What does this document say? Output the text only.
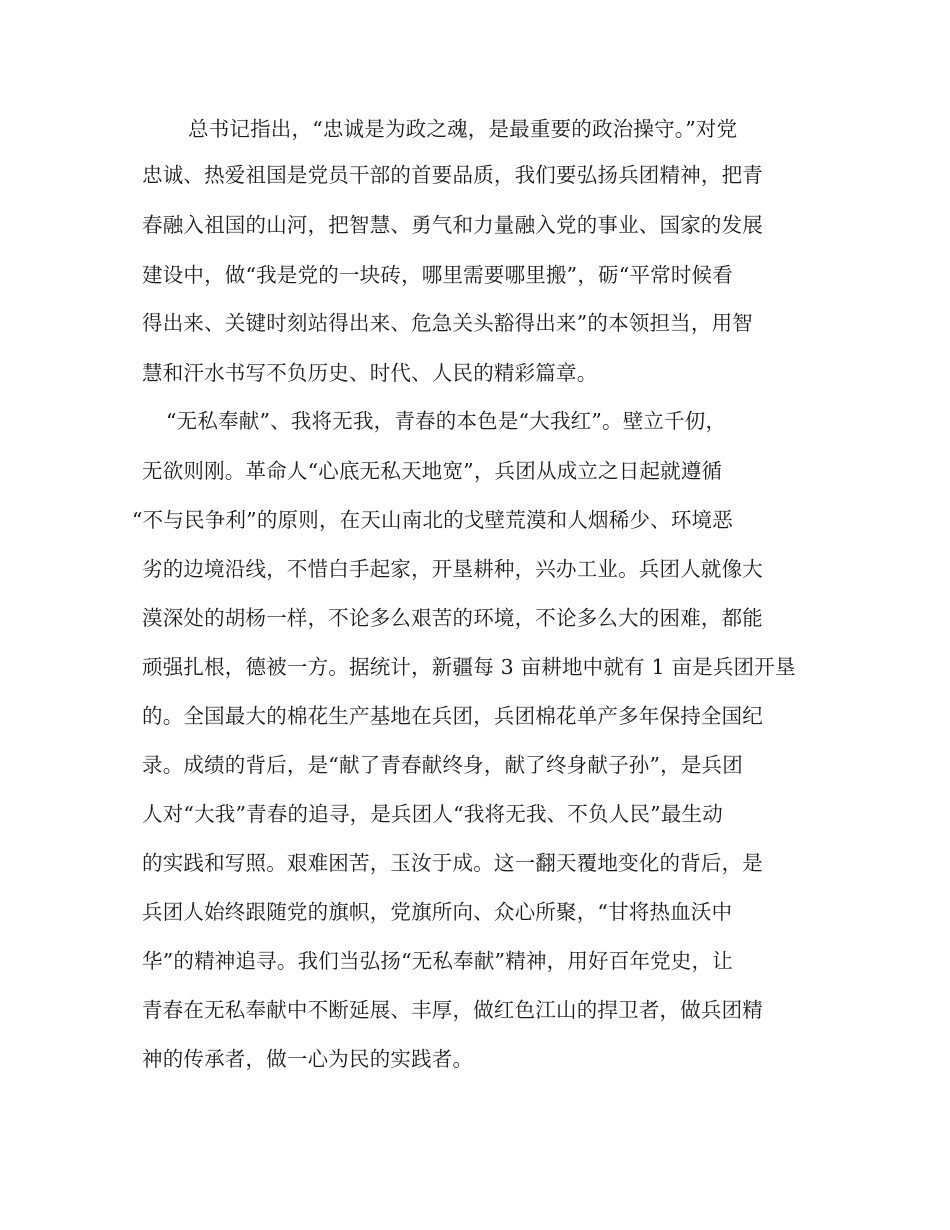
总书记指出，“忠诚是为政之魂，是最重要的政治操守。”对党
忠诚、热爱祖国是党员干部的首要品质，我们要弘扬兵团精神，把青
春融入祖国的山河，把智慧、勇气和力量融入党的事业、国家的发展
建设中，做“我是党的一块砖，哪里需要哪里搬”，砺“平常时候看
得出来、关键时刻站得出来、危急关头豁得出来”的本领担当，用智
慧和汗水书写不负历史、时代、人民的精彩篇章。
“无私奉献”、我将无我，青春的本色是“大我红”。壁立千仞，
无欲则刚。革命人“心底无私天地宽”，兵团从成立之日起就遵循
“不与民争利”的原则，在天山南北的戈壁荒漠和人烟稀少、环境恶
劣的边境沿线，不惜白手起家，开垦耕种，兴办工业。兵团人就像大
漠深处的胡杨一样，不论多么艰苦的环境，不论多么大的困难，都能
顽强扎根，德被一方。据统计，新疆每 3 亩耕地中就有 1 亩是兵团开垦
的。全国最大的棉花生产基地在兵团，兵团棉花单产多年保持全国纪
录。成绩的背后，是“献了青春献终身，献了终身献子孙”，是兵团
人对“大我”青春的追寻，是兵团人“我将无我、不负人民”最生动
的实践和写照。艰难困苦，玉汝于成。这一翻天覆地变化的背后，是
兵团人始终跟随党的旗帜，党旗所向、众心所聚，“甘将热血沃中
华”的精神追寻。我们当弘扬“无私奉献”精神，用好百年党史，让
青春在无私奉献中不断延展、丰厚，做红色江山的捍卫者，做兵团精
神的传承者，做一心为民的实践者。
